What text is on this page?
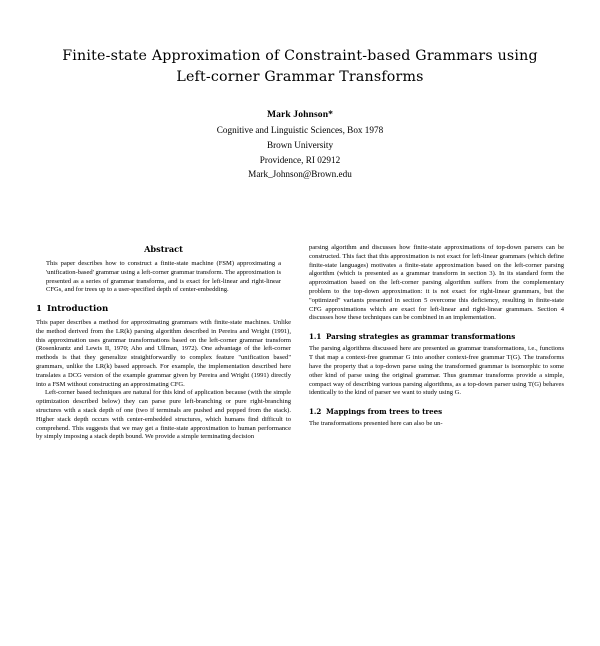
Finite-state Approximation of Constraint-based Grammars using
Left-corner Grammar Transforms
Mark Johnson*
Cognitive and Linguistic Sciences, Box 1978
Brown University
Providence, RI 02912
Mark_Johnson@Brown.edu
Abstract
This paper describes how to construct a finite-state machine (FSM) approximating a 'unification-based' grammar using a left-corner grammar transform. The approximation is presented as a series of grammar transforms, and is exact for left-linear and right-linear CFGs, and for trees up to a user-specified depth of center-embedding.
1 Introduction

This paper describes a method for approximating grammars with finite-state machines. Unlike the method derived from the LR(k) parsing algorithm described in Pereira and Wright (1991), this approximation uses grammar transformations based on the left-corner grammar transform (Rosenkrantz and Lewis II, 1970; Aho and Ullman, 1972). One advantage of the left-corner methods is that they generalize straightforwardly to complex feature "unification based" grammars, unlike the LR(k) based approach. For example, the implementation described here translates a DCG version of the example grammar given by Pereira and Wright (1991) directly into a FSM without constructing an approximating CFG.

Left-corner based techniques are natural for this kind of application because (with the simple optimization described below) they can parse pure left-branching or pure right-branching structures with a stack depth of one (two if terminals are pushed and popped from the stack). Higher stack depth occurs with center-embedded structures, which humans find difficult to comprehend. This suggests that we may get a finite-state approximation to human performance by simply imposing a stack depth bound. We provide a simple terminating decision

parsing algorithm and discusses how finite-state approximations of top-down parsers can be constructed. This fact that this approximation is not exact for left-linear grammars (which define finite-state languages) motivates a finite-state approximation based on the left-corner parsing algorithm (which is presented as a grammar transform in section 3). In its standard form the approximation based on the left-corner parsing algorithm suffers from the complementary problem to the top-down approximation: it is not exact for right-linear grammars, but the "optimized" variants presented in section 5 overcome this deficiency, resulting in finite-state CFG approximations which are exact for left-linear and right-linear grammars. Section 4 discusses how these techniques can be combined in an implementation.

1.1 Parsing strategies as grammar transformations

The parsing algorithms discussed here are presented as grammar transformations, i.e., functions T that map a context-free grammar G into another context-free grammar T(G). The transforms have the property that a top-down parse using the transformed grammar is isomorphic to some other kind of parse using the original grammar. Thus grammar transforms provide a simple, compact way of describing various parsing algorithms, as a top-down parser using T(G) behaves identically to the kind of parser we want to study using G.

1.2 Mappings from trees to trees

The transformations presented here can also be un-
